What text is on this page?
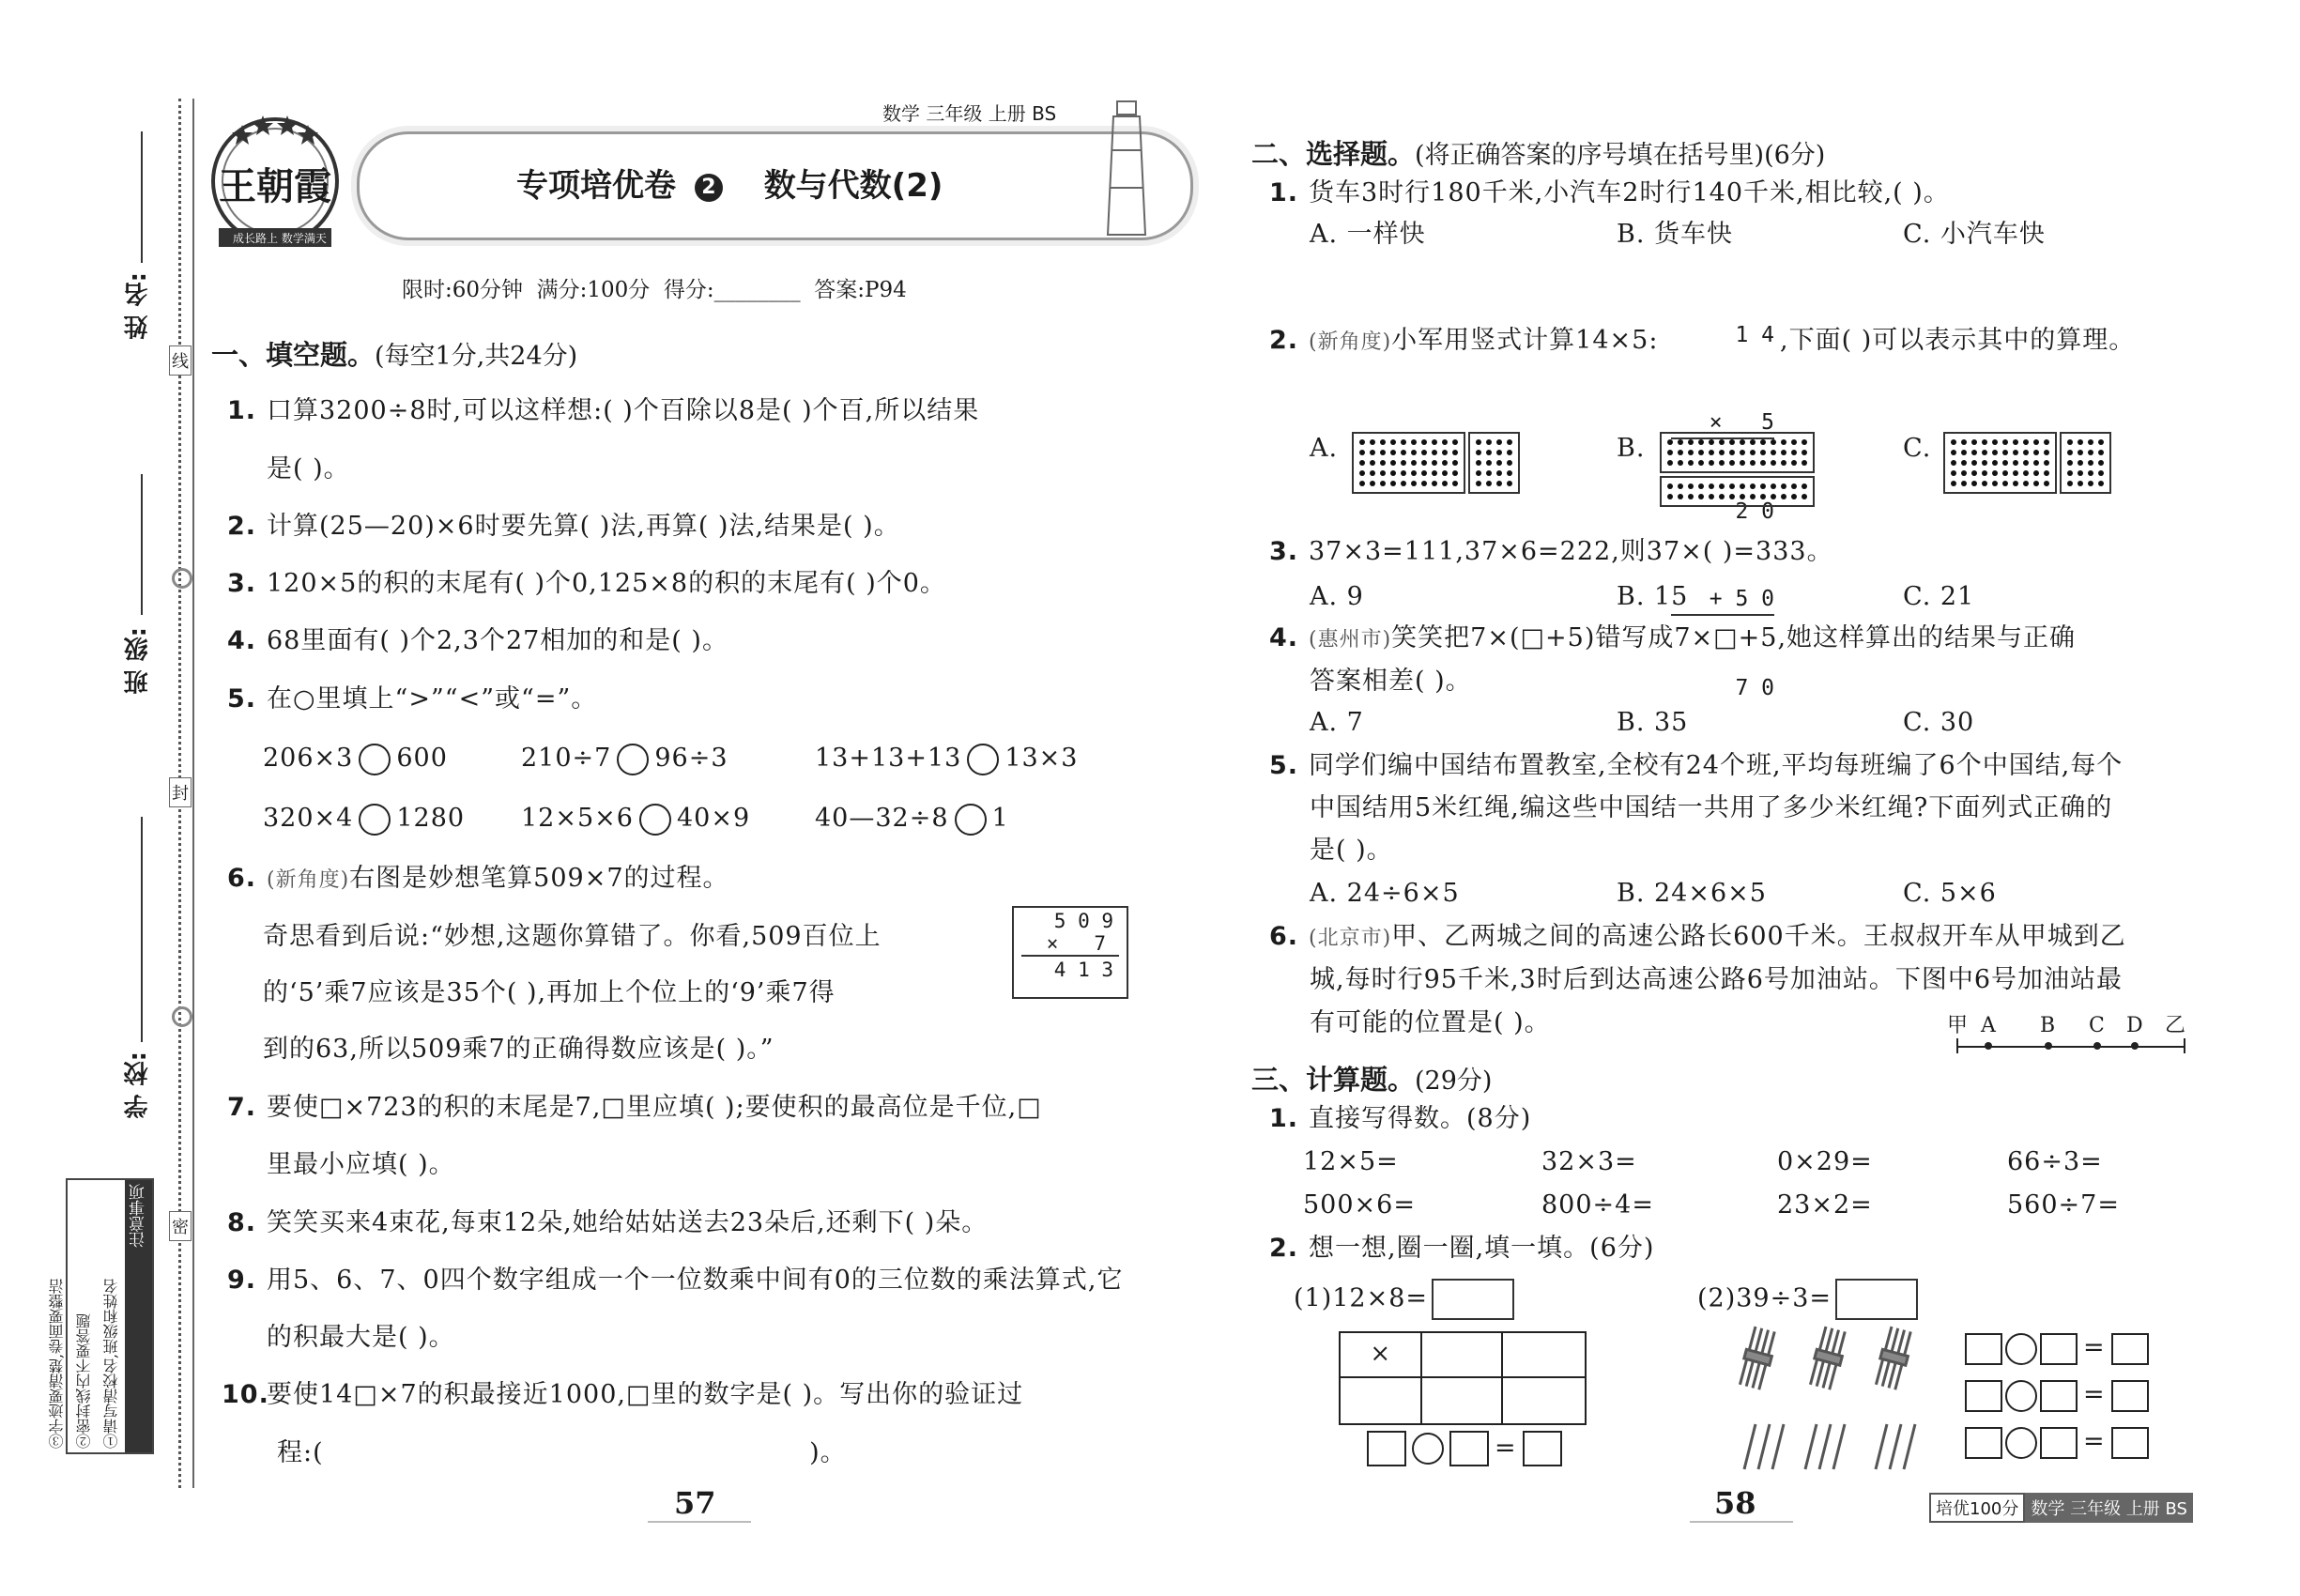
线
封
密
姓 名:
班 级:
学 校:
注意事项
①请写清校名,班级和姓名
②密封线内不要答题
③字迹要清楚,卷面要整洁
王朝霞
成长路上 数学满天
数学 三年级 上册 BS
专项培优卷 2 数与代数(2)
限时:60分钟  满分:100分  得分:________  答案:P94
一、填空题。(每空1分,共24分)
1. 口算3200÷8时,可以这样想:( )个百除以8是( )个百,所以结果
是( )。
2. 计算(25—20)×6时要先算( )法,再算( )法,结果是( )。
3. 120×5的积的末尾有( )个0,125×8的积的末尾有( )个0。
4. 68里面有( )个2,3个27相加的和是( )。
5. 在○里填上“>”“<”或“=”。
206×3 600	210÷7 96÷3	13+13+13 13×3
320×4 1280 12×5×6 40×9	40—32÷8 1
6. (新角度)右图是妙想笔算509×7的过程。
奇思看到后说:“妙想,这题你算错了。你看,509百位上
的‘5’乘7应该是35个( ),再加上个位上的‘9’乘7得
到的63,所以509乘7的正确得数应该是( )。”
5 0 9
×   7
4 1 3
7. 要使□×723的积的末尾是7,□里应填( );要使积的最高位是千位,□
里最小应填( )。
8. 笑笑买来4束花,每束12朵,她给姑姑送去23朵后,还剩下( )朵。
9. 用5、6、7、0四个数字组成一个一位数乘中间有0的三位数的乘法算式,它
的积最大是( )。
10.要使14□×7的积最接近1000,□里的数字是( )。写出你的验证过
程:(                                                      )。
57
二、选择题。(将正确答案的序号填在括号里)(6分)
1. 货车3时行180千米,小汽车2时行140千米,相比较,( )。
A. 一样快	B. 货车快	C. 小汽车快

1 4

×   5

2 0

+ 5 0

7 0

2. (新角度)小军用竖式计算14×5:	,下面( )可以表示其中的算理。
A.	B.	C.
3. 37×3=111,37×6=222,则37×( )=333。
A. 9	B. 15	C. 21
4. (惠州市)笑笑把7×(□+5)错写成7×□+5,她这样算出的结果与正确
答案相差( )。
A. 7	B. 35	C. 30
5. 同学们编中国结布置教室,全校有24个班,平均每班编了6个中国结,每个
中国结用5米红绳,编这些中国结一共用了多少米红绳?下面列式正确的
是( )。
A. 24÷6×5	B. 24×6×5	C. 5×6
6. (北京市)甲、乙两城之间的高速公路长600千米。王叔叔开车从甲城到乙
城,每时行95千米,3时后到达高速公路6号加油站。下图中6号加油站最
有可能的位置是( )。	甲 A B C D 乙
三、计算题。(29分)
1. 直接写得数。(8分)
12×5=	32×3=	0×29=	66÷3=
500×6=	800÷4=	23×2=	560÷7=
2. 想一想,圈一圈,填一填。(6分)
(1)12×8=	(2)39÷3=
×
=
=
=
=
58	培优100分 数学 三年级 上册 BS
